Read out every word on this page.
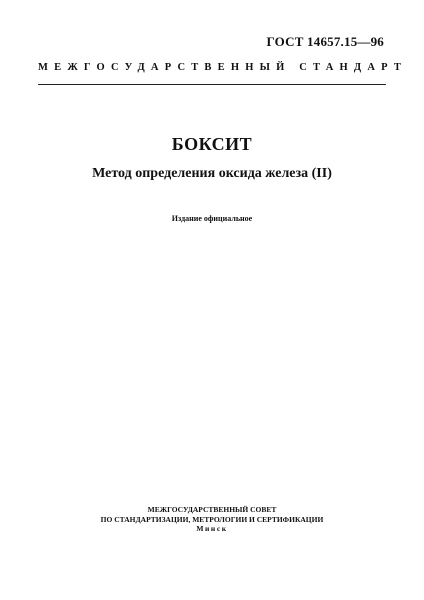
ГОСТ 14657.15—96
МЕЖГОСУДАРСТВЕННЫЙ СТАНДАРТ
БОКСИТ
Метод определения оксида железа (II)
Издание официальное
МЕЖГОСУДАРСТВЕННЫЙ СОВЕТ
ПО СТАНДАРТИЗАЦИИ, МЕТРОЛОГИИ И СЕРТИФИКАЦИИ
Минск
